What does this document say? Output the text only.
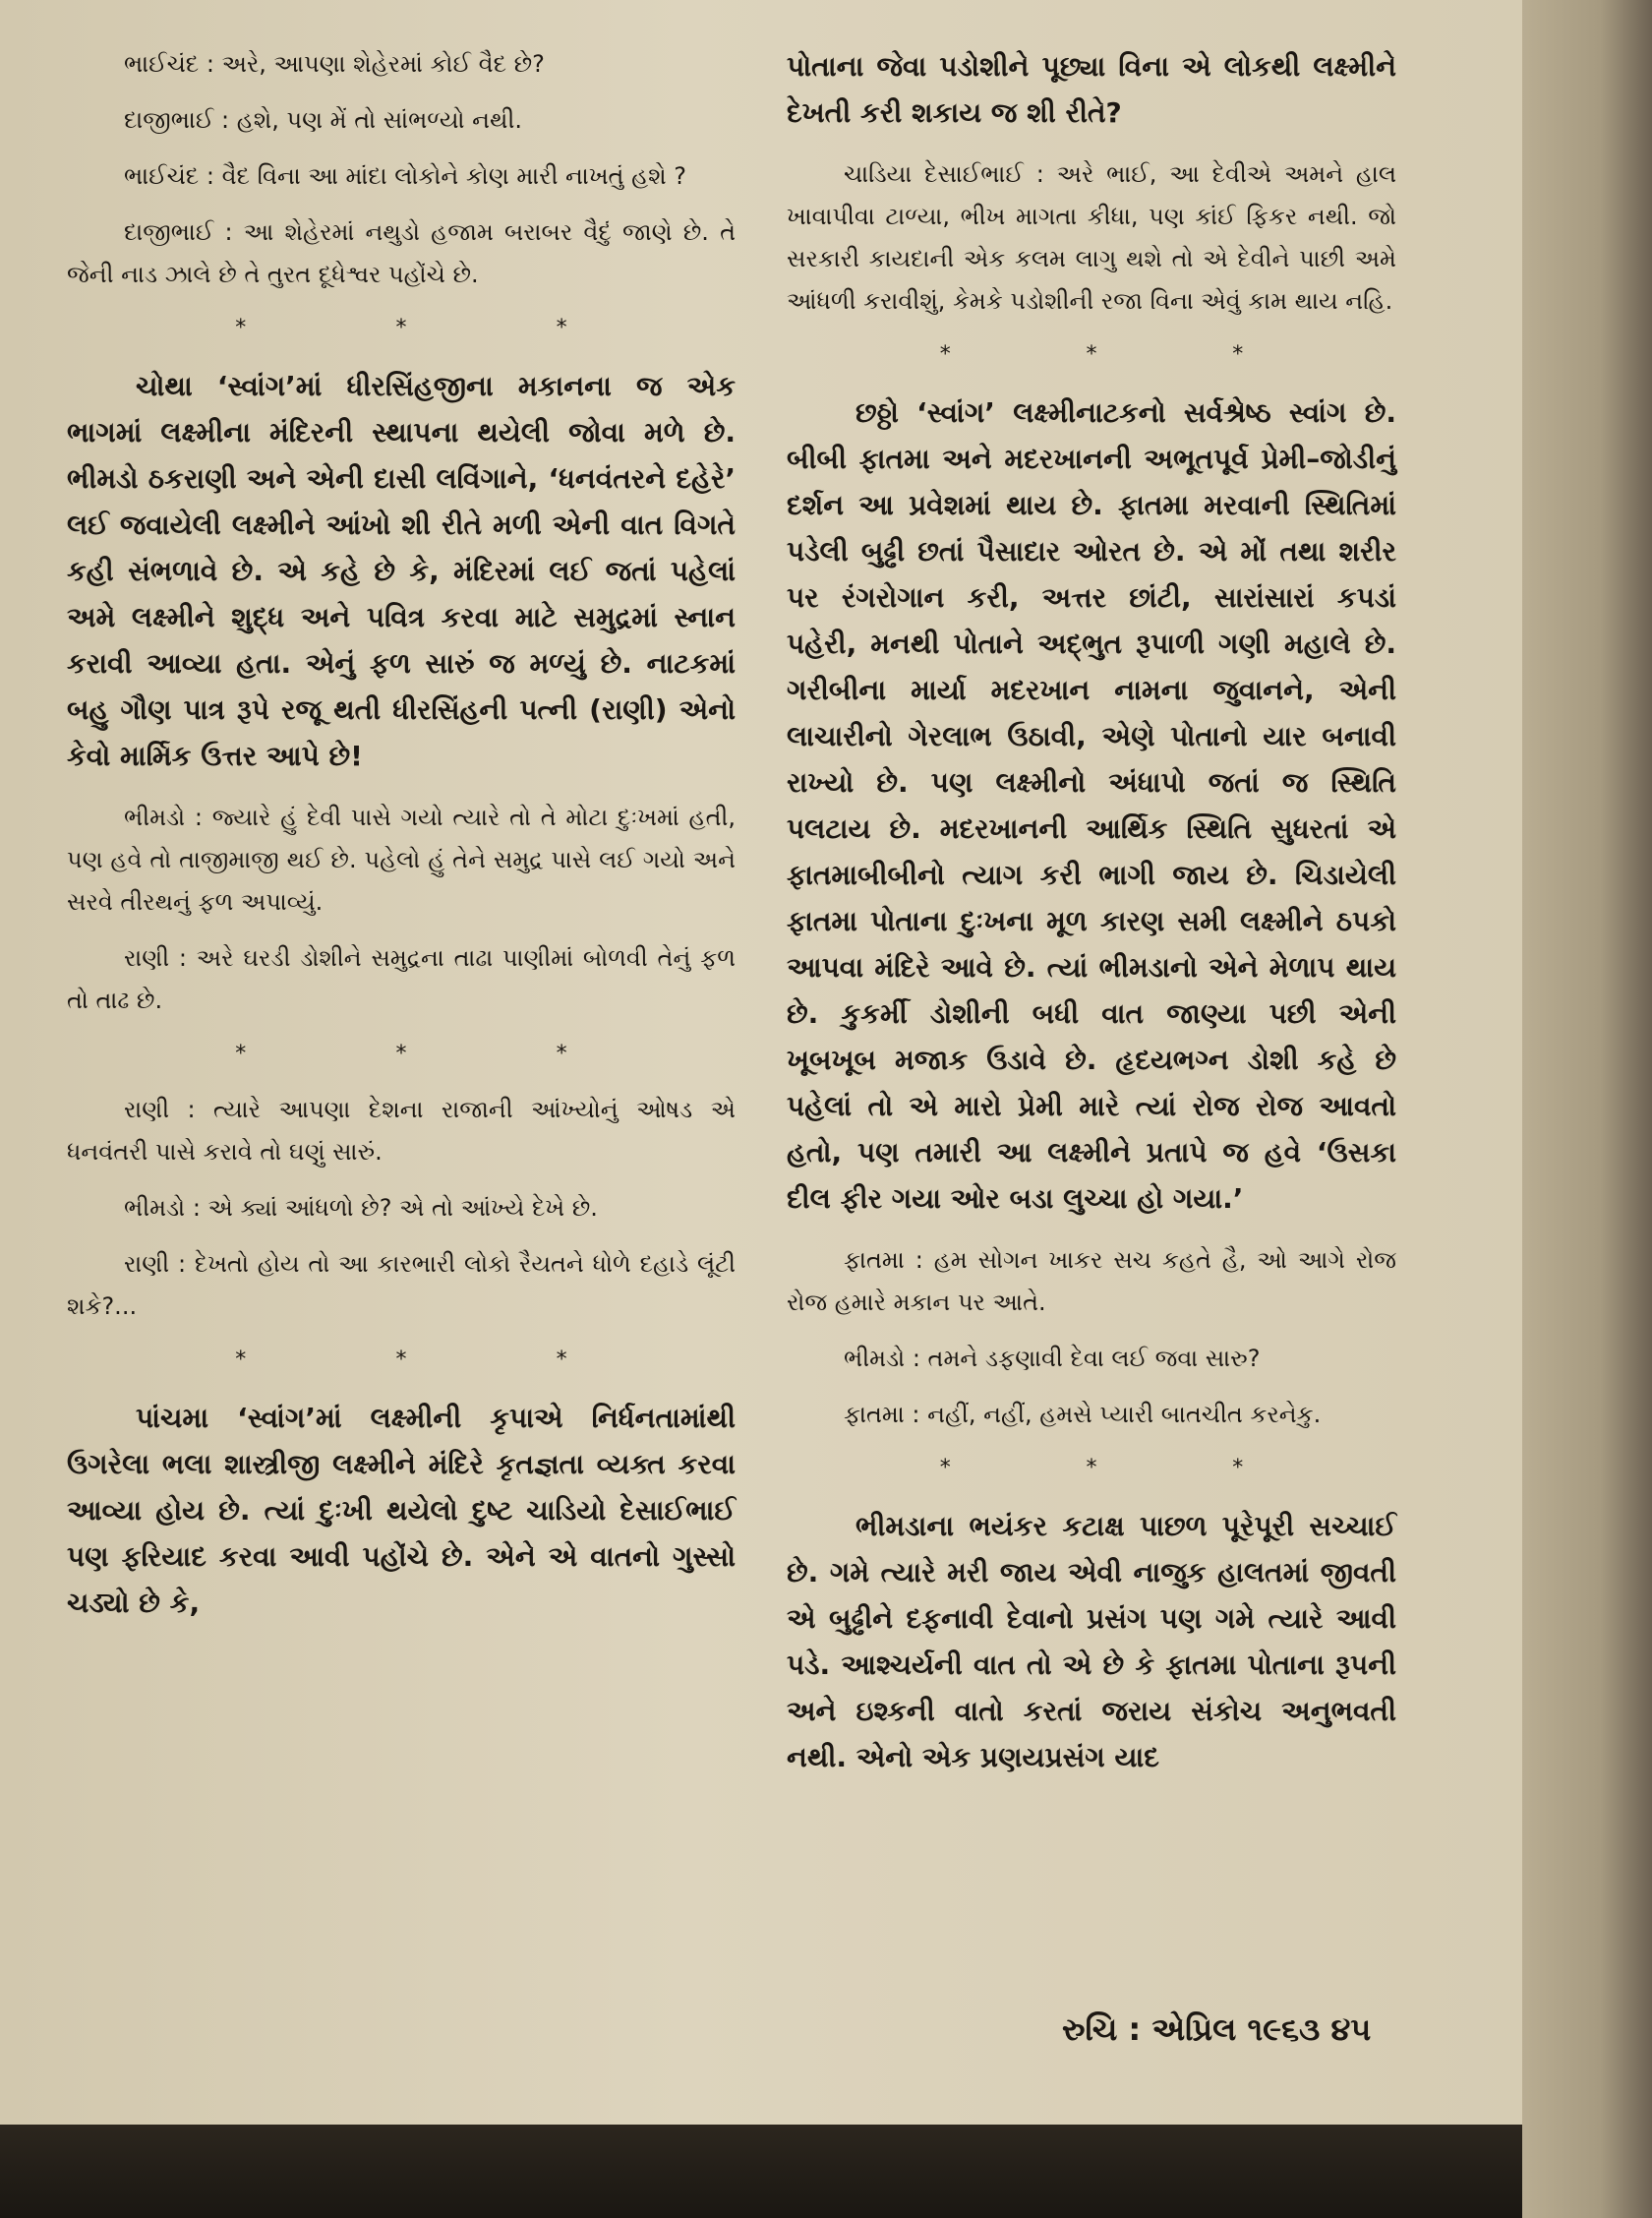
ભાઈચંદ : અરે, આપણા શેહેરમાં કોઈ વૈદ છે?

દાજીભાઈ : હશે, પણ મેં તો સાંભળ્યો નથી.

ભાઈચંદ : વૈદ વિના આ માંદા લોકોને કોણ મારી નાખતું હશે ?

દાજીભાઈ : આ શેહેરમાં નથુડો હજામ બરાબર વૈદું જાણે છે. તે જેની નાડ ઝાલે છે તે તુરત દૂધેશ્વર પહોંચે છે.

*	*	*

ચોથા ‘સ્વાંગ’માં ધીરસિંહજીના મકાનના જ એક ભાગમાં લક્ષ્મીના મંદિરની સ્થાપના થયેલી જોવા મળે છે. ભીમડો ઠકરાણી અને એની દાસી લવિંગાને, ‘ધનવંતરને દહેરે’ લઈ જવાયેલી લક્ષ્મીને આંખો શી રીતે મળી એની વાત વિગતે કહી સંભળાવે છે. એ કહે છે કે, મંદિરમાં લઈ જતાં પહેલાં અમે લક્ષ્મીને શુદ્ધ અને પવિત્ર કરવા માટે સમુદ્રમાં સ્નાન કરાવી આવ્યા હતા. એનું ફળ સારું જ મળ્યું છે. નાટકમાં બહુ ગૌણ પાત્ર રૂપે રજૂ થતી ધીરસિંહની પત્ની (રાણી) એનો કેવો માર્મિક ઉત્તર આપે છે!

ભીમડો : જ્યારે હું દેવી પાસે ગયો ત્યારે તો તે મોટા દુઃખમાં હતી, પણ હવે તો તાજીમાજી થઈ છે. પહેલો હું તેને સમુદ્ર પાસે લઈ ગયો અને સરવે તીરથનું ફળ અપાવ્યું.

રાણી : અરે ઘરડી ડોશીને સમુદ્રના તાઢા પાણીમાં બોળવી તેનું ફળ તો તાઢ છે.

*	*	*

રાણી : ત્યારે આપણા દેશના રાજાની આંખ્યોનું ઓષડ એ ધનવંતરી પાસે કરાવે તો ઘણું સારું.

ભીમડો : એ ક્યાં આંધળો છે? એ તો આંખ્યે દેખે છે.

રાણી : દેખતો હોય તો આ કારભારી લોકો રૈયતને ધોળે દહાડે લૂંટી શકે?...

*	*	*

પાંચમા ‘સ્વાંગ’માં લક્ષ્મીની કૃપાએ નિર્ધનતામાંથી ઉગરેલા ભલા શાસ્ત્રીજી લક્ષ્મીને મંદિરે કૃતજ્ઞતા વ્યક્ત કરવા આવ્યા હોય છે. ત્યાં દુઃખી થયેલો દુષ્ટ ચાડિયો દેસાઈભાઈ પણ ફરિયાદ કરવા આવી પહોંચે છે. એને એ વાતનો ગુસ્સો ચડ્યો છે કે,

પોતાના જેવા પડોશીને પૂછ્યા વિના એ લોકથી લક્ષ્મીને દેખતી કરી શકાય જ શી રીતે?

ચાડિયા દેસાઈભાઈ : અરે ભાઈ, આ દેવીએ અમને હાલ ખાવાપીવા ટાળ્યા, ભીખ માગતા કીધા, પણ કાંઈ ફિકર નથી. જો સરકારી કાયદાની એક કલમ લાગુ થશે તો એ દેવીને પાછી અમે આંધળી કરાવીશું, કેમકે પડોશીની રજા વિના એવું કામ થાય નહિ.

*	*	*

છઠ્ઠો ‘સ્વાંગ’ લક્ષ્મીનાટકનો સર્વશ્રેષ્ઠ સ્વાંગ છે. બીબી ફાતમા અને મદરખાનની અભૂતપૂર્વ પ્રેમી–જોડીનું દર્શન આ પ્રવેશમાં થાય છે. ફાતમા મરવાની સ્થિતિમાં પડેલી બુઢ્ઢી છતાં પૈસાદાર ઓરત છે. એ મોં તથા શરીર પર રંગરોગાન કરી, અત્તર છાંટી, સારાંસારાં કપડાં પહેરી, મનથી પોતાને અદ્ભુત રૂપાળી ગણી મહાલે છે. ગરીબીના માર્યા મદરખાન નામના જુવાનને, એની લાચારીનો ગેરલાભ ઉઠાવી, એણે પોતાનો યાર બનાવી રાખ્યો છે. પણ લક્ષ્મીનો અંધાપો જતાં જ સ્થિતિ પલટાય છે. મદરખાનની આર્થિક સ્થિતિ સુધરતાં એ ફાતમાબીબીનો ત્યાગ કરી ભાગી જાય છે. ચિડાયેલી ફાતમા પોતાના દુઃખના મૂળ કારણ સમી લક્ષ્મીને ઠપકો આપવા મંદિરે આવે છે. ત્યાં ભીમડાનો એને મેળાપ થાય છે. કુકર્મી ડોશીની બધી વાત જાણ્યા પછી એની ખૂબખૂબ મજાક ઉડાવે છે. હૃદયભગ્ન ડોશી કહે છે પહેલાં તો એ મારો પ્રેમી મારે ત્યાં રોજ રોજ આવતો હતો, પણ તમારી આ લક્ષ્મીને પ્રતાપે જ હવે ‘ઉસકા દીલ ફીર ગયા ઓર બડા લુચ્ચા હો ગયા.’

ફાતમા : હમ સોગન ખાકર સચ કહતે હૈ, ઓ આગે રોજ રોજ હમારે મકાન પર આતે.

ભીમડો : તમને ડફણાવી દેવા લઈ જવા સારુ?

ફાતમા : નહીં, નહીં, હમસે પ્યારી બાતચીત કરનેકુ.

*	*	*

ભીમડાના ભયંકર કટાક્ષ પાછળ પૂરેપૂરી સચ્ચાઈ છે. ગમે ત્યારે મરી જાય એવી નાજુક હાલતમાં જીવતી એ બુઢ્ઢીને દફનાવી દેવાનો પ્રસંગ પણ ગમે ત્યારે આવી પડે. આશ્ચર્યની વાત તો એ છે કે ફાતમા પોતાના રૂપની અને ઇશ્કની વાતો કરતાં જરાય સંકોચ અનુભવતી નથી. એનો એક પ્રણયપ્રસંગ યાદ

રુચિ : એપ્રિલ ૧૯૬૩ ૪૫
